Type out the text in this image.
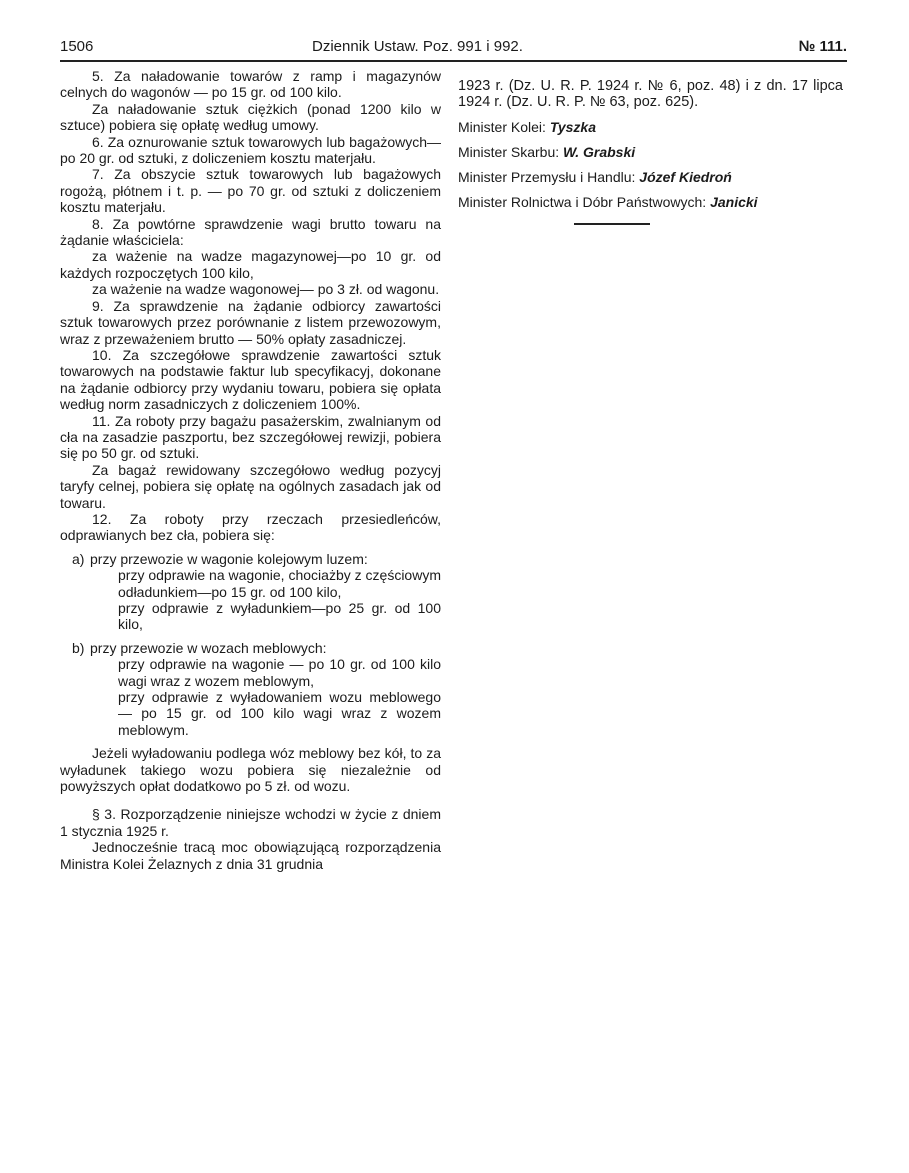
1506	Dziennik Ustaw. Poz. 991 i 992.	№ 111.

5. Za naładowanie towarów z ramp i magazynów celnych do wagonów — po 15 gr. od 100 kilo.

Za naładowanie sztuk ciężkich (ponad 1200 kilo w sztuce) pobiera się opłatę według umowy.

6. Za oznurowanie sztuk towarowych lub bagażowych—po 20 gr. od sztuki, z doliczeniem kosztu materjału.

7. Za obszycie sztuk towarowych lub bagażowych rogożą, płótnem i t. p. — po 70 gr. od sztuki z doliczeniem kosztu materjału.

8. Za powtórne sprawdzenie wagi brutto towaru na żądanie właściciela:

za ważenie na wadze magazynowej—po 10 gr. od każdych rozpoczętych 100 kilo,

za ważenie na wadze wagonowej— po 3 zł. od wagonu.

9. Za sprawdzenie na żądanie odbiorcy zawartości sztuk towarowych przez porównanie z listem przewozowym, wraz z przeważeniem brutto — 50% opłaty zasadniczej.

10. Za szczegółowe sprawdzenie zawartości sztuk towarowych na podstawie faktur lub specyfikacyj, dokonane na żądanie odbiorcy przy wydaniu towaru, pobiera się opłata według norm zasadniczych z doliczeniem 100%.

11. Za roboty przy bagażu pasażerskim, zwalnianym od cła na zasadzie paszportu, bez szczegółowej rewizji, pobiera się po 50 gr. od sztuki.

Za bagaż rewidowany szczegółowo według pozycyj taryfy celnej, pobiera się opłatę na ogólnych zasadach jak od towaru.

12. Za roboty przy rzeczach przesiedleńców, odprawianych bez cła, pobiera się:

a) przy przewozie w wagonie kolejowym luzem:

przy odprawie na wagonie, chociażby z częściowym odładunkiem—po 15 gr. od 100 kilo,

przy odprawie z wyładunkiem—po 25 gr. od 100 kilo,

b) przy przewozie w wozach meblowych:

przy odprawie na wagonie — po 10 gr. od 100 kilo wagi wraz z wozem meblowym,

przy odprawie z wyładowaniem wozu meblowego — po 15 gr. od 100 kilo wagi wraz z wozem meblowym.

Jeżeli wyładowaniu podlega wóz meblowy bez kół, to za wyładunek takiego wozu pobiera się niezależnie od powyższych opłat dodatkowo po 5 zł. od wozu.

§ 3. Rozporządzenie niniejsze wchodzi w życie z dniem 1 stycznia 1925 r.

Jednocześnie tracą moc obowiązującą rozporządzenia Ministra Kolei Żelaznych z dnia 31 grudnia

1923 r. (Dz. U. R. P. 1924 r. № 6, poz. 48) i z dn. 17 lipca 1924 r. (Dz. U. R. P. № 63, poz. 625).

Minister Kolei: Tyszka

Minister Skarbu: W. Grabski

Minister Przemysłu i Handlu: Józef Kiedroń

Minister Rolnictwa i Dóbr Państwowych: Janicki
